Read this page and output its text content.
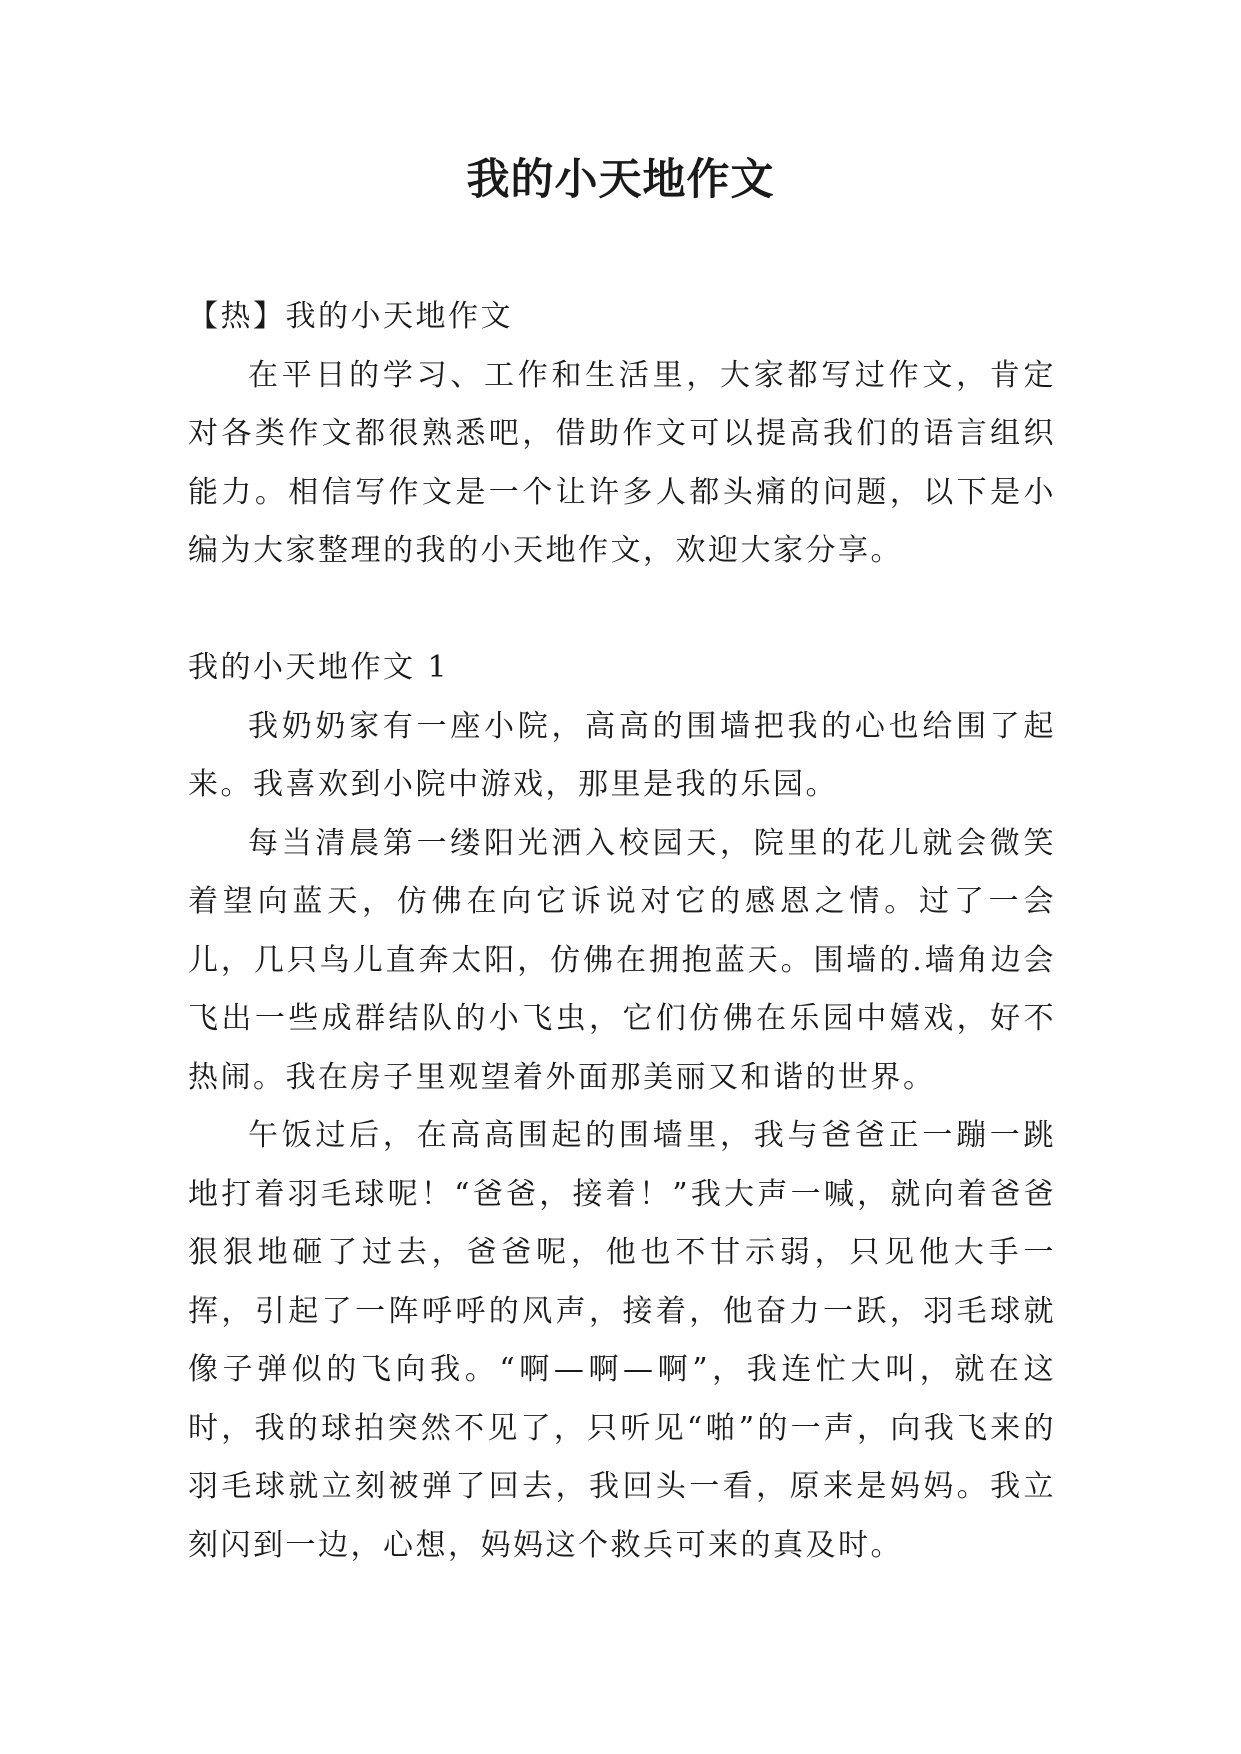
我的小天地作文

【热】我的小天地作文

在平日的学习、工作和生活里，大家都写过作文，肯定对各类作文都很熟悉吧，借助作文可以提高我们的语言组织能力。相信写作文是一个让许多人都头痛的问题，以下是小编为大家整理的我的小天地作文，欢迎大家分享。

我的小天地作文 1

我奶奶家有一座小院，高高的围墙把我的心也给围了起来。我喜欢到小院中游戏，那里是我的乐园。

每当清晨第一缕阳光洒入校园天，院里的花儿就会微笑着望向蓝天，仿佛在向它诉说对它的感恩之情。过了一会儿，几只鸟儿直奔太阳，仿佛在拥抱蓝天。围墙的.墙角边会飞出一些成群结队的小飞虫，它们仿佛在乐园中嬉戏，好不热闹。我在房子里观望着外面那美丽又和谐的世界。

午饭过后，在高高围起的围墙里，我与爸爸正一蹦一跳地打着羽毛球呢！“爸爸，接着！”我大声一喊，就向着爸爸狠狠地砸了过去，爸爸呢，他也不甘示弱，只见他大手一挥，引起了一阵呼呼的风声，接着，他奋力一跃，羽毛球就像子弹似的飞向我。“啊—啊—啊”，我连忙大叫，就在这时，我的球拍突然不见了，只听见“啪”的一声，向我飞来的羽毛球就立刻被弹了回去，我回头一看，原来是妈妈。我立刻闪到一边，心想，妈妈这个救兵可来的真及时。
